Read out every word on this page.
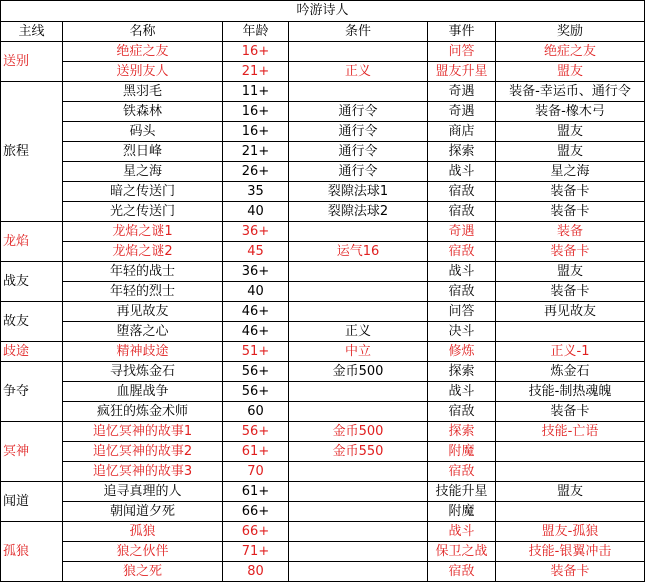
吟游诗人					
主线	名称	年龄	条件	事件	奖励
送别	绝症之友	16+		问答	绝症之友
	送别友人	21+	正义	盟友升星	盟友
旅程	黑羽毛	11+		奇遇	装备-幸运币、通行令
	铁森林	16+	通行令	奇遇	装备-橡木弓
	码头	16+	通行令	商店	盟友
	烈日峰	21+	通行令	探索	盟友
	星之海	26+	通行令	战斗	星之海
	暗之传送门	35	裂隙法球1	宿敌	装备卡
	光之传送门	40	裂隙法球2	宿敌	装备卡
龙焰	龙焰之谜1	36+		奇遇	装备
	龙焰之谜2	45	运气16	宿敌	装备卡
战友	年轻的战士	36+		战斗	盟友
	年轻的烈士	40		宿敌	装备卡
故友	再见故友	46+		问答	再见故友
	堕落之心	46+	正义	决斗	
歧途	精神歧途	51+	中立	修炼	正义-1
争夺	寻找炼金石	56+	金币500	探索	炼金石
	血腥战争	56+		战斗	技能-制热魂魄
	疯狂的炼金术师	60		宿敌	装备卡
冥神	追忆冥神的故事1	56+	金币500	探索	技能-亡语
	追忆冥神的故事2	61+	金币550	附魔	
	追忆冥神的故事3	70		宿敌	
闻道	追寻真理的人	61+		技能升星	盟友
	朝闻道夕死	66+		附魔	
孤狼	孤狼	66+		战斗	盟友-孤狼
	狼之伙伴	71+		保卫之战	技能-银翼冲击
	狼之死	80		宿敌	装备卡
